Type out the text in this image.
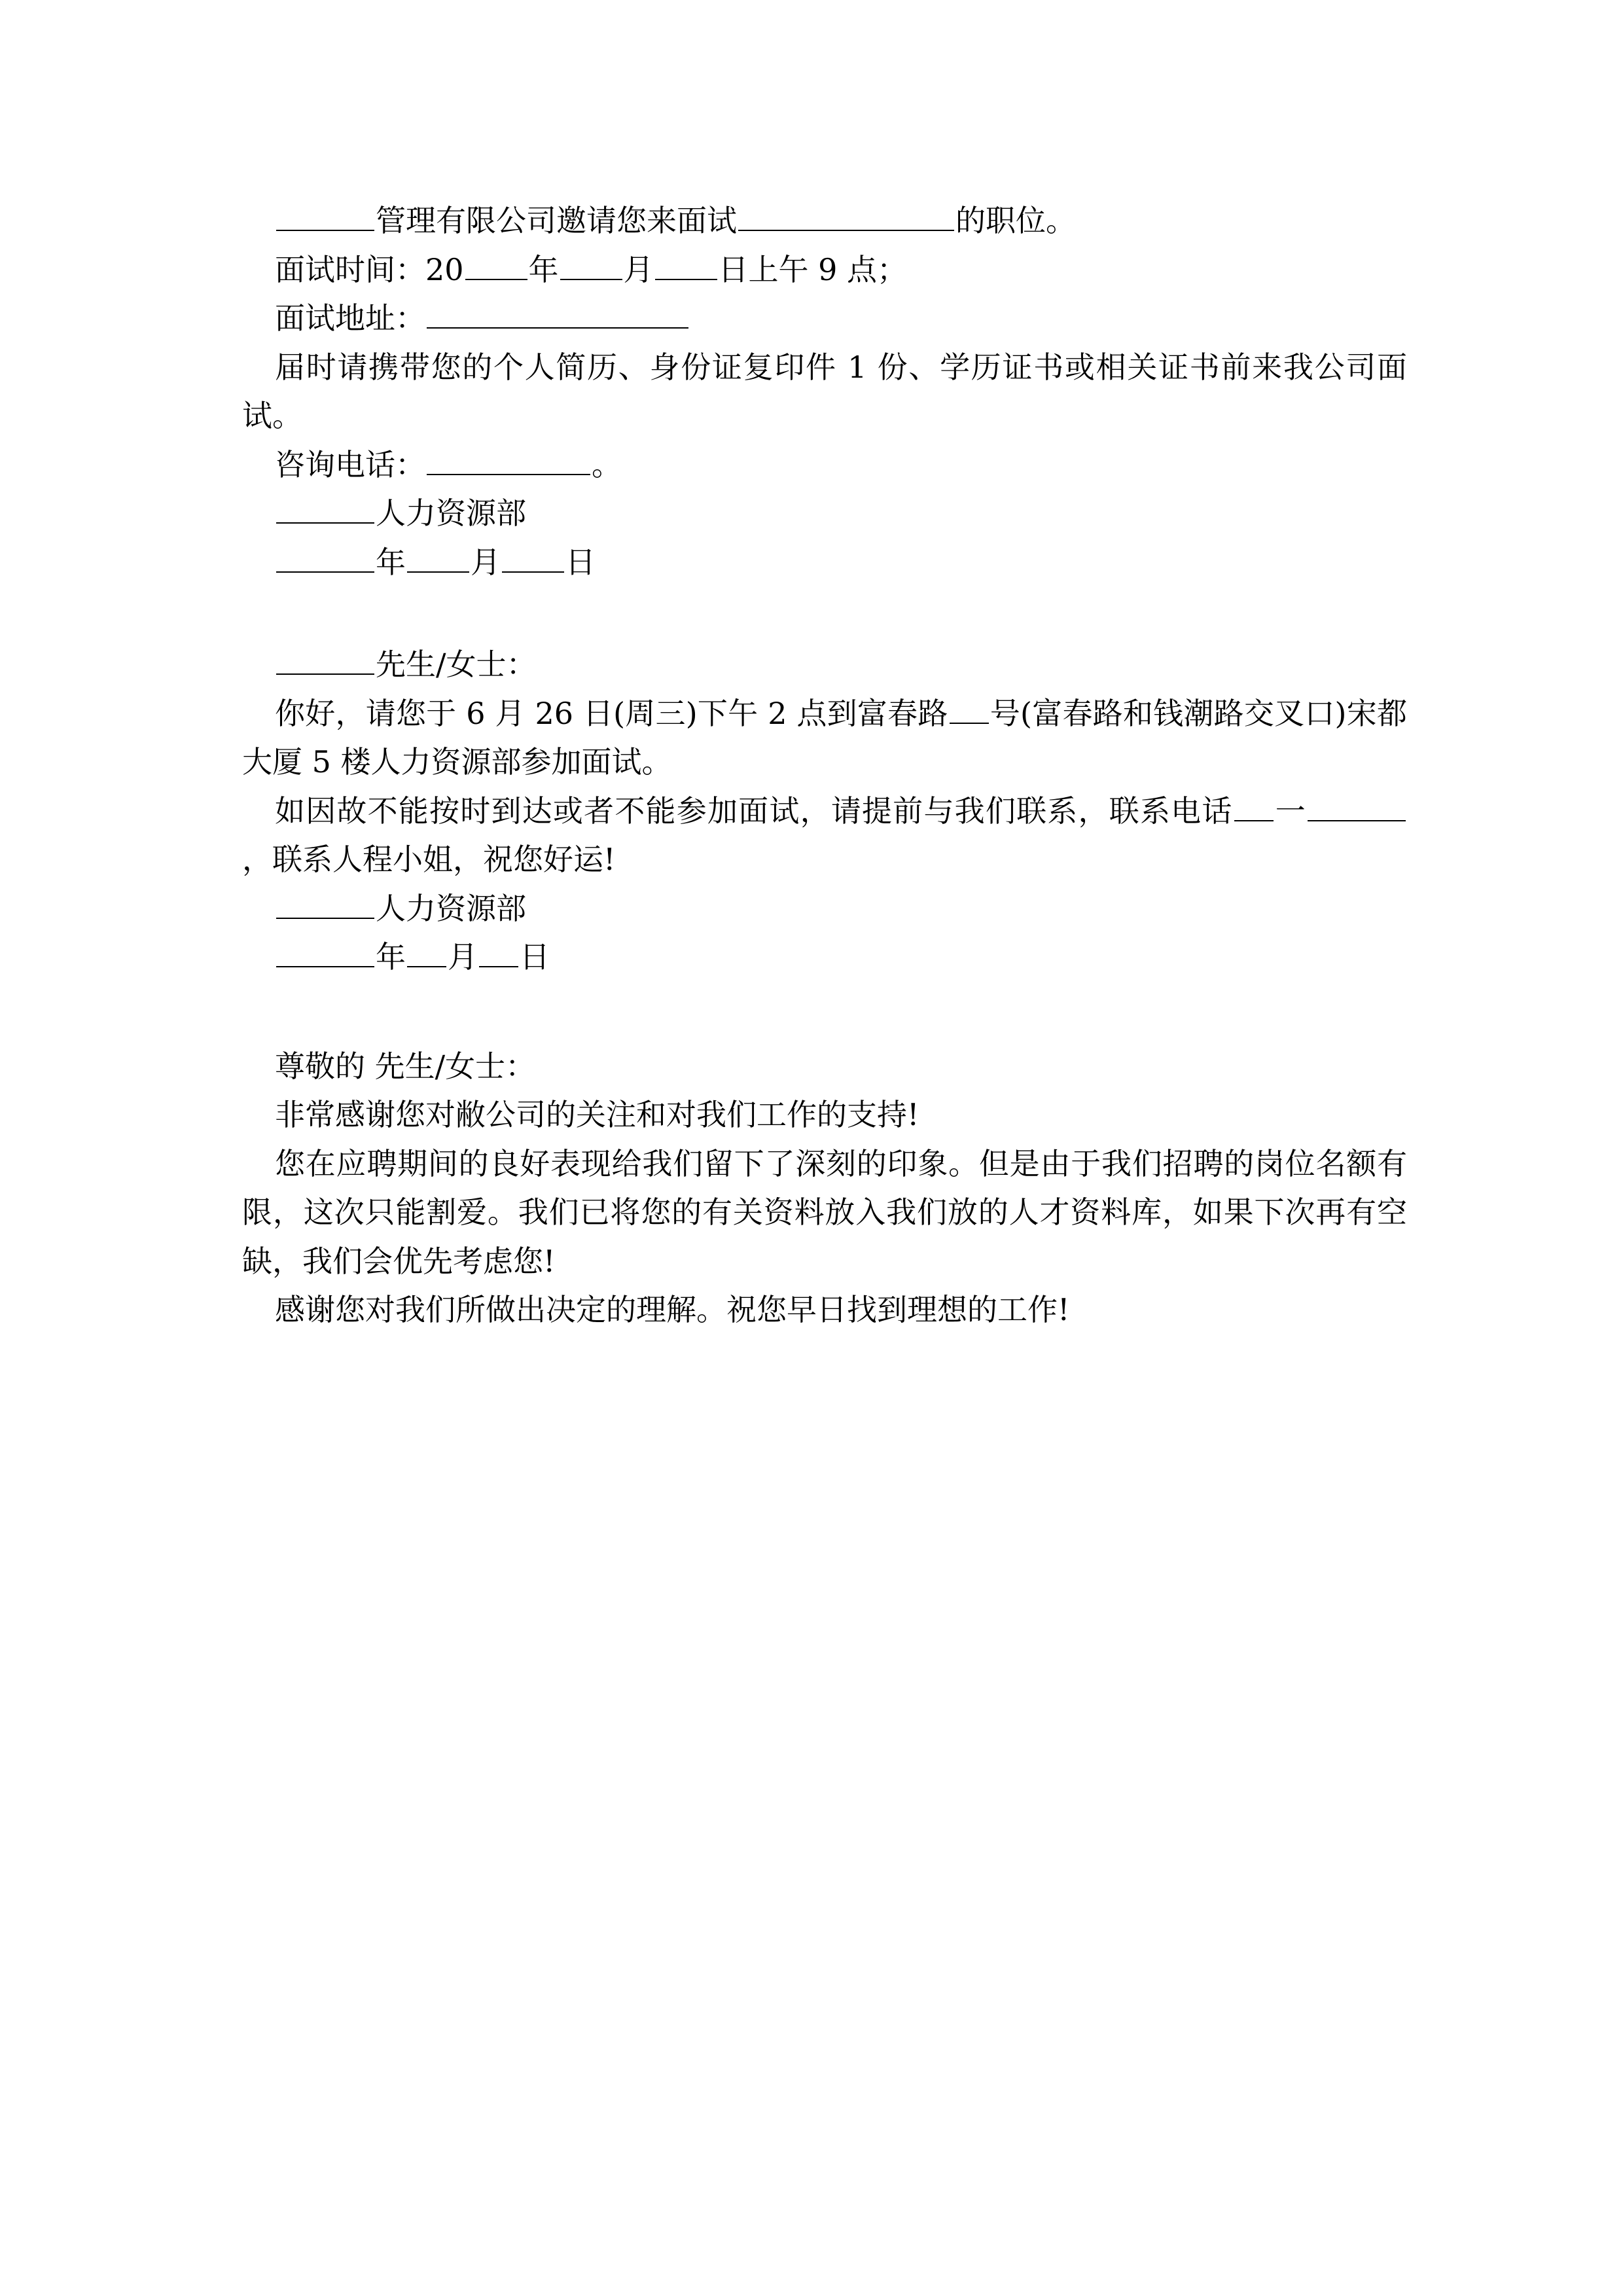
管理有限公司邀请您来面试	的职位。

面试时间：20 年 月 日上午 9 点；

面试地址：

届时请携带您的个人简历、身份证复印件 1 份、学历证书或相关证书前来我公司面试。

咨询电话：	。

人力资源部

年 月 日

先生/女士：

你好，请您于 6 月 26 日(周三)下午 2 点到富春路 号(富春路和钱潮路交叉口)宋都大厦 5 楼人力资源部参加面试。

如因故不能按时到达或者不能参加面试，请提前与我们联系，联系电话 一，联系人程小姐，祝您好运!

人力资源部

年 月 日

尊敬的 先生/女士：

非常感谢您对敝公司的关注和对我们工作的支持!

您在应聘期间的良好表现给我们留下了深刻的印象。但是由于我们招聘的岗位名额有限，这次只能割爱。我们已将您的有关资料放入我们放的人才资料库，如果下次再有空缺，我们会优先考虑您!

感谢您对我们所做出决定的理解。祝您早日找到理想的工作!
